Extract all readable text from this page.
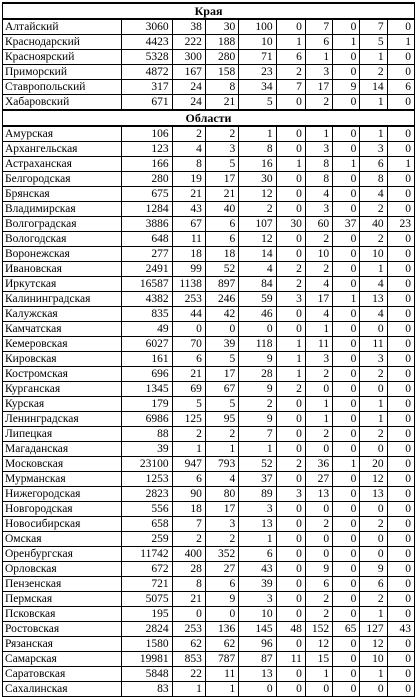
Края									
Алтайский	3060	38	30	100	0	7	0	7	0
Краснодарский	4423	222	188	10	1	6	1	5	1
Красноярский	5328	300	280	71	6	1	0	1	0
Приморский	4872	167	158	23	2	3	0	2	0
Ставропольский	317	24	8	34	7	17	9	14	6
Хабаровский	671	24	21	5	0	2	0	1	0
Области									
Амурская	106	2	2	1	0	1	0	1	0
Архангельская	123	4	3	8	0	3	0	3	0
Астраханская	166	8	5	16	1	8	1	6	1
Белгородская	280	19	17	30	0	8	0	8	0
Брянская	675	21	21	12	0	4	0	4	0
Владимирская	1284	43	40	2	0	3	0	2	0
Волгоградская	3886	67	6	107	30	60	37	40	23
Вологодская	648	11	6	12	0	2	0	2	0
Воронежская	277	18	18	14	0	10	0	10	0
Ивановская	2491	99	52	4	2	2	0	1	0
Иркутская	16587	1138	897	84	2	4	0	4	0
Калининградская	4382	253	246	59	3	17	1	13	0
Калужская	835	44	42	46	0	4	0	4	0
Камчатская	49	0	0	0	0	1	0	0	0
Кемеровская	6027	70	39	118	1	11	0	11	0
Кировская	161	6	5	9	1	3	0	3	0
Костромская	696	21	17	28	1	2	0	2	0
Курганская	1345	69	67	9	2	0	0	0	0
Курская	179	5	5	2	0	1	0	1	0
Ленинградская	6986	125	95	9	0	1	0	1	0
Липецкая	88	2	2	7	0	2	0	2	0
Магаданская	39	1	1	1	0	0	0	0	0
Московская	23100	947	793	52	2	36	1	20	0
Мурманская	1253	6	4	37	0	27	0	12	0
Нижегородская	2823	90	80	89	3	13	0	13	0
Новгородская	556	18	17	3	0	0	0	0	0
Новосибирская	658	7	3	13	0	2	0	2	0
Омская	259	2	2	1	0	0	0	0	0
Оренбургская	11742	400	352	6	0	0	0	0	0
Орловская	672	28	27	43	0	9	0	9	0
Пензенская	721	8	6	39	0	6	0	6	0
Пермская	5075	21	9	3	0	2	0	2	0
Псковская	195	0	0	10	0	2	0	1	0
Ростовская	2824	253	136	145	48	152	65	127	43
Рязанская	1580	62	62	96	0	12	0	12	0
Самарская	19981	853	787	87	11	15	0	10	0
Саратовская	5848	22	11	13	0	1	0	1	0
Сахалинская	83	1	1	0	0	0	0	0	0
